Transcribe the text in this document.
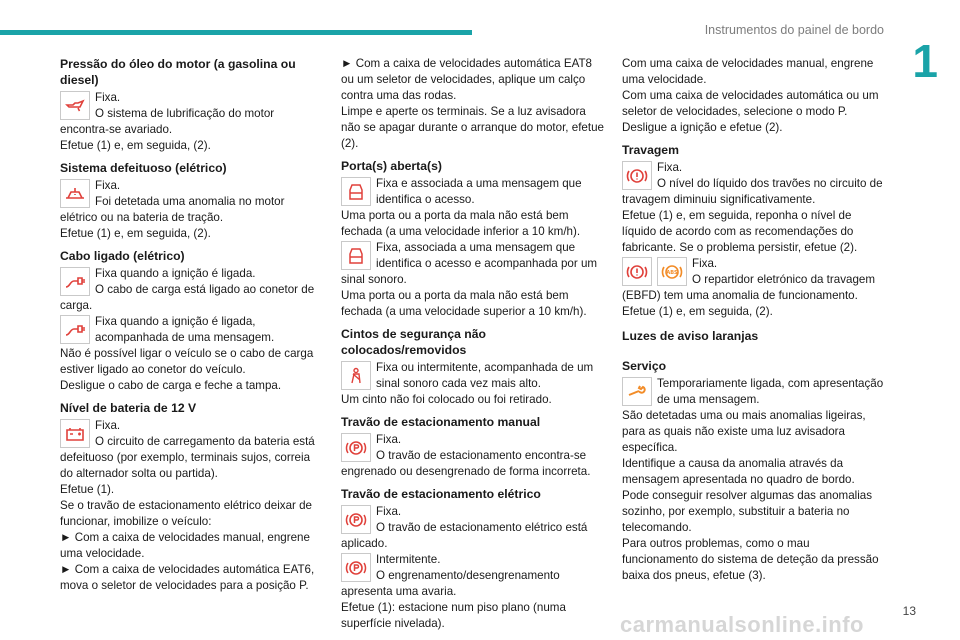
Instrumentos do painel de bordo
1
Pressão do óleo do motor (a gasolina ou diesel)

Fixa.

O sistema de lubrificação do motor encontra-se avariado.

Efetue (1) e, em seguida, (2).

Sistema defeituoso (elétrico)

Fixa.

Foi detetada uma anomalia no motor elétrico ou na bateria de tração.

Efetue (1) e, em seguida, (2).

Cabo ligado (elétrico)

Fixa quando a ignição é ligada.

O cabo de carga está ligado ao conetor de carga.

Fixa quando a ignição é ligada, acompanhada de uma mensagem.

Não é possível ligar o veículo se o cabo de carga estiver ligado ao conetor do veículo.

Desligue o cabo de carga e feche a tampa.

Nível de bateria de 12 V

Fixa.

O circuito de carregamento da bateria está defeituoso (por exemplo, terminais sujos, correia do alternador solta ou partida).

Efetue (1).

Se o travão de estacionamento elétrico deixar de funcionar, imobilize o veículo:

► Com a caixa de velocidades manual, engrene uma velocidade.

► Com a caixa de velocidades automática EAT6, mova o seletor de velocidades para a posição P.

► Com a caixa de velocidades automática EAT8 ou um seletor de velocidades, aplique um calço contra uma das rodas.

Limpe e aperte os terminais. Se a luz avisadora não se apagar durante o arranque do motor, efetue (2).

Porta(s) aberta(s)

Fixa e associada a uma mensagem que identifica o acesso.

Uma porta ou a porta da mala não está bem fechada (a uma velocidade inferior a 10 km/h).

Fixa, associada a uma mensagem que identifica o acesso e acompanhada por um sinal sonoro.

Uma porta ou a porta da mala não está bem fechada (a uma velocidade superior a 10 km/h).

Cintos de segurança não colocados/removidos

Fixa ou intermitente, acompanhada de um sinal sonoro cada vez mais alto.

Um cinto não foi colocado ou foi retirado.

Travão de estacionamento manual

Fixa.

O travão de estacionamento encontra-se engrenado ou desengrenado de forma incorreta.

Travão de estacionamento elétrico

Fixa.

O travão de estacionamento elétrico está aplicado.

Intermitente.

O engrenamento/desengrenamento apresenta uma avaria.

Efetue (1): estacione num piso plano (numa superfície nivelada).

Com uma caixa de velocidades manual, engrene uma velocidade.

Com uma caixa de velocidades automática ou um seletor de velocidades, selecione o modo P.

Desligue a ignição e efetue (2).

Travagem

Fixa.

O nível do líquido dos travões no circuito de travagem diminuiu significativamente.

Efetue (1) e, em seguida, reponha o nível de líquido de acordo com as recomendações do fabricante. Se o problema persistir, efetue (2).

ABS

Fixa.

O repartidor eletrónico da travagem (EBFD) tem uma anomalia de funcionamento.

Efetue (1) e, em seguida, (2).

Luzes de aviso laranjas
Serviço

Temporariamente ligada, com apresentação de uma mensagem.

São detetadas uma ou mais anomalias ligeiras, para as quais não existe uma luz avisadora específica.

Identifique a causa da anomalia através da mensagem apresentada no quadro de bordo.

Pode conseguir resolver algumas das anomalias sozinho, por exemplo, substituir a bateria no telecomando.

Para outros problemas, como o mau funcionamento do sistema de deteção da pressão baixa dos pneus, efetue (3).

13
carmanualsonline.info
